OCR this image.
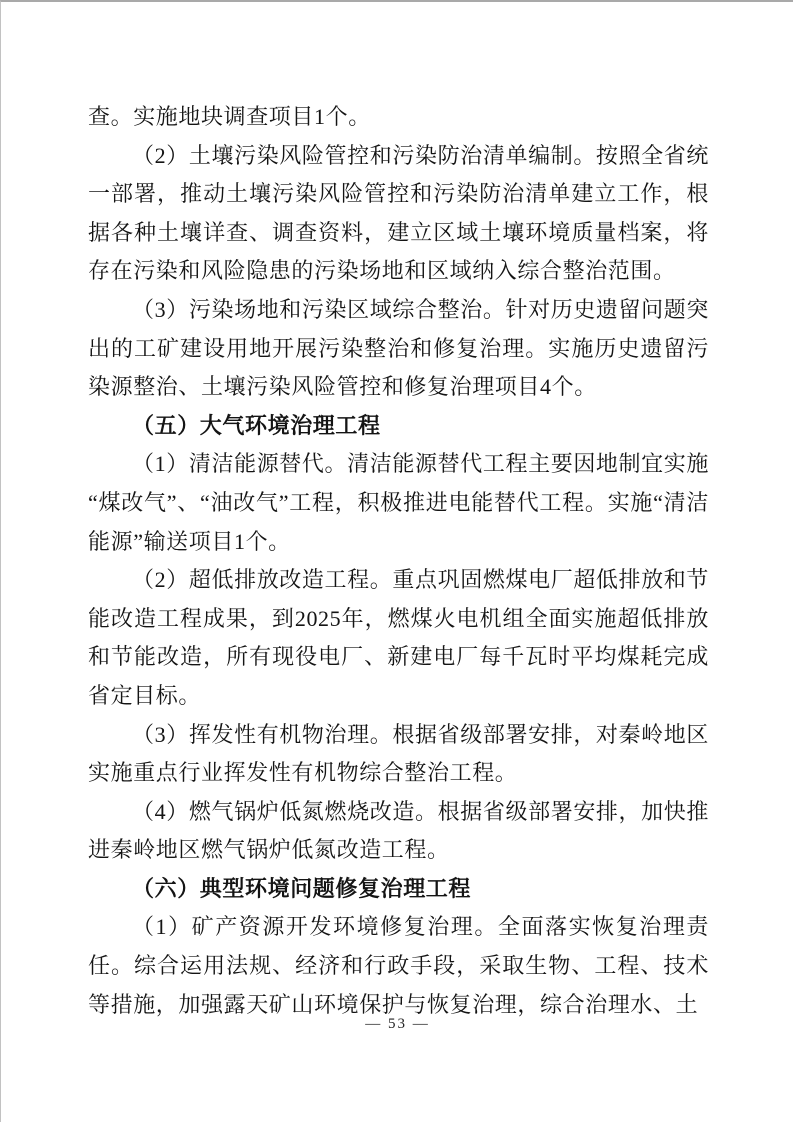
查。实施地块调查项目1个。

（2）土壤污染风险管控和污染防治清单编制。按照全省统一部署，推动土壤污染风险管控和污染防治清单建立工作，根据各种土壤详查、调查资料，建立区域土壤环境质量档案，将存在污染和风险隐患的污染场地和区域纳入综合整治范围。

（3）污染场地和污染区域综合整治。针对历史遗留问题突出的工矿建设用地开展污染整治和修复治理。实施历史遗留污染源整治、土壤污染风险管控和修复治理项目4个。

（五）大气环境治理工程

（1）清洁能源替代。清洁能源替代工程主要因地制宜实施“煤改气”、“油改气”工程，积极推进电能替代工程。实施“清洁能源”输送项目1个。

（2）超低排放改造工程。重点巩固燃煤电厂超低排放和节能改造工程成果，到2025年，燃煤火电机组全面实施超低排放和节能改造，所有现役电厂、新建电厂每千瓦时平均煤耗完成省定目标。

（3）挥发性有机物治理。根据省级部署安排，对秦岭地区实施重点行业挥发性有机物综合整治工程。

（4）燃气锅炉低氮燃烧改造。根据省级部署安排，加快推进秦岭地区燃气锅炉低氮改造工程。

（六）典型环境问题修复治理工程

（1）矿产资源开发环境修复治理。全面落实恢复治理责任。综合运用法规、经济和行政手段，采取生物、工程、技术等措施，加强露天矿山环境保护与恢复治理，综合治理水、土

— 53 —
